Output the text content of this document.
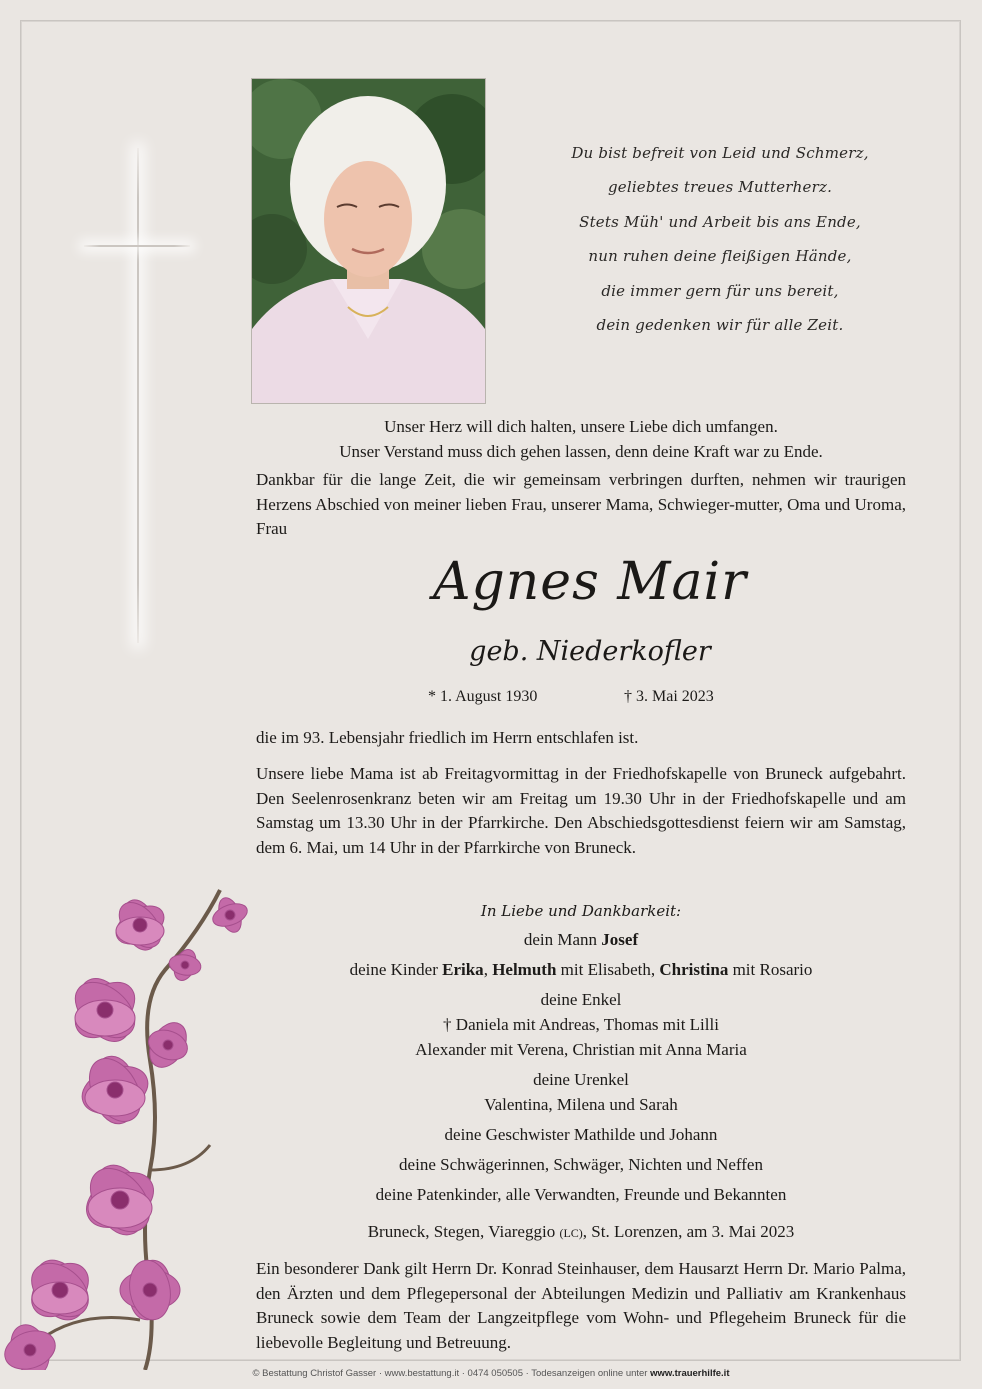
Du bist befreit von Leid und Schmerz,
geliebtes treues Mutterherz.
Stets Müh' und Arbeit bis ans Ende,
nun ruhen deine fleißigen Hände,
die immer gern für uns bereit,
dein gedenken wir für alle Zeit.
Unser Herz will dich halten, unsere Liebe dich umfangen.
Unser Verstand muss dich gehen lassen, denn deine Kraft war zu Ende.
Dankbar für die lange Zeit, die wir gemeinsam verbringen durften, nehmen wir traurigen Herzens Abschied von meiner lieben Frau, unserer Mama, Schwieger-mutter, Oma und Uroma, Frau
Agnes Mair
geb. Niederkofler
* 1. August 1930	† 3. Mai 2023
die im 93. Lebensjahr friedlich im Herrn entschlafen ist.
Unsere liebe Mama ist ab Freitagvormittag in der Friedhofskapelle von Bruneck aufgebahrt. Den Seelenrosenkranz beten wir am Freitag um 19.30 Uhr in der Friedhofskapelle und am Samstag um 13.30 Uhr in der Pfarrkirche. Den Abschiedsgottesdienst feiern wir am Samstag, dem 6. Mai, um 14 Uhr in der Pfarrkirche von Bruneck.
In Liebe und Dankbarkeit:
dein Mann Josef
deine Kinder Erika, Helmuth mit Elisabeth, Christina mit Rosario
deine Enkel
† Daniela mit Andreas, Thomas mit Lilli
Alexander mit Verena, Christian mit Anna Maria
deine Urenkel
Valentina, Milena und Sarah
deine Geschwister Mathilde und Johann
deine Schwägerinnen, Schwäger, Nichten und Neffen
deine Patenkinder, alle Verwandten, Freunde und Bekannten
Bruneck, Stegen, Viareggio (LC), St. Lorenzen, am 3. Mai 2023
Ein besonderer Dank gilt Herrn Dr. Konrad Steinhauser, dem Hausarzt Herrn Dr. Mario Palma, den Ärzten und dem Pflegepersonal der Abteilungen Medizin und Palliativ am Krankenhaus Bruneck sowie dem Team der Langzeitpflege vom Wohn- und Pflegeheim Bruneck für die liebevolle Begleitung und Betreuung.
© Bestattung Christof Gasser · www.bestattung.it · 0474 050505 · Todesanzeigen online unter www.trauerhilfe.it
